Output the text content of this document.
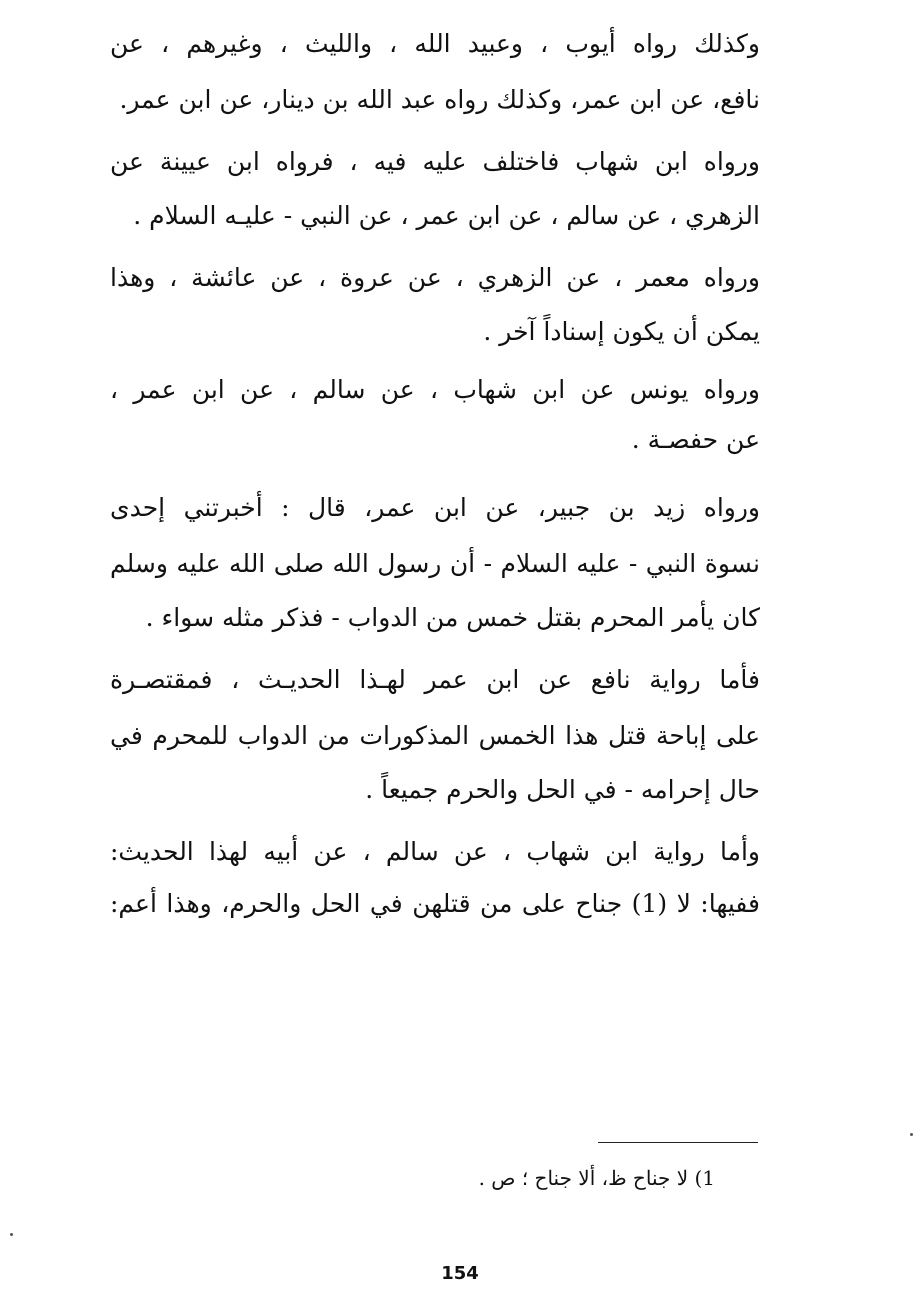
وكذلك رواه أيوب ، وعبيد الله ، والليث ، وغيرهم ، عن
نافع، عن ابن عمر، وكذلك رواه عبد الله بن دينار، عن ابن عمر.
ورواه ابن شهاب فاختلف عليه فيه ، فرواه ابن عيينة عن
الزهري ، عن سالم ، عن ابن عمر ، عن النبي - عليـه السلام .
ورواه معمر ، عن الزهري ، عن عروة ، عن عائشة ، وهذا
يمكن أن يكون إسناداً آخر .
ورواه يونس عن ابن شهاب ، عن سالم ، عن ابن عمر ،
عن حفصـة .
ورواه زيد بن جبير، عن ابن عمر، قال : أخبرتني إحدى
نسوة النبي - عليه السلام - أن رسول الله صلى الله عليه وسلم
كان يأمر المحرم بقتل خمس من الدواب - فذكر مثله سواء .
فأما رواية نافع عن ابن عمر لهـذا الحديـث ، فمقتصـرة
على إباحة قتل هذا الخمس المذكورات من الدواب للمحرم في
حال إحرامه - في الحل والحرم جميعاً .
وأما رواية ابن شهاب ، عن سالم ، عن أبيه لهذا الحديث:
ففيها: لا (1) جناح على من قتلهن في الحل والحرم، وهذا أعم:
1) لا جناح ظ، ألا جناح ؛ ص .
154
